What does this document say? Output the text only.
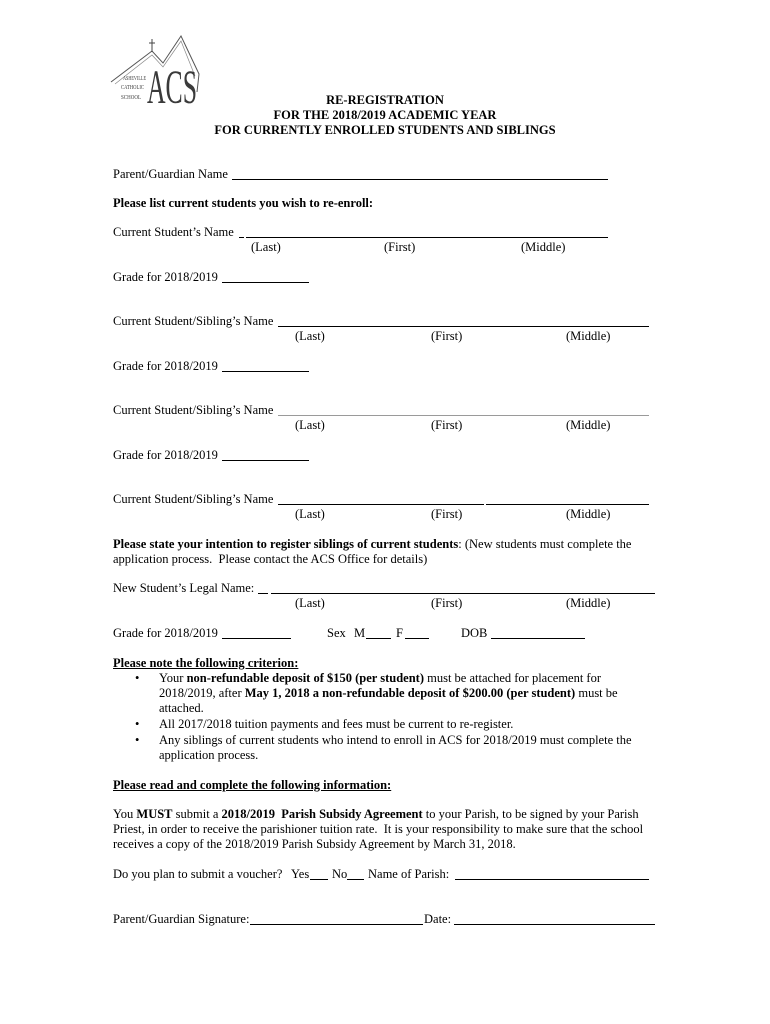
ASHEVILLE
CATHOLIC
SCHOOL ACS	RE-REGISTRATION
FOR THE 2018/2019 ACADEMIC YEAR
FOR CURRENTLY ENROLLED STUDENTS AND SIBLINGS
Parent/Guardian Name
Please list current students you wish to re-enroll:
Current Student’s Name
(Last)	(First)	(Middle)
Grade for 2018/2019
Current Student/Sibling’s Name
(Last)	(First)	(Middle)
Grade for 2018/2019
Current Student/Sibling’s Name
(Last)	(First)	(Middle)
Grade for 2018/2019
Current Student/Sibling’s Name
(Last)	(First)	(Middle)
Please state your intention to register siblings of current students: (New students must complete the
application process.  Please contact the ACS Office for details)
New Student’s Legal Name:
(Last)	(First)	(Middle)
Grade for 2018/2019	Sex M F	DOB
Please note the following criterion:
• Your non-refundable deposit of $150 (per student) must be attached for placement for
2018/2019, after May 1, 2018 a non-refundable deposit of $200.00 (per student) must be
attached.
• All 2017/2018 tuition payments and fees must be current to re-register.
• Any siblings of current students who intend to enroll in ACS for 2018/2019 must complete the
application process.
Please read and complete the following information:
You MUST submit a 2018/2019  Parish Subsidy Agreement to your Parish, to be signed by your Parish
Priest, in order to receive the parishioner tuition rate.  It is your responsibility to make sure that the school
receives a copy of the 2018/2019 Parish Subsidy Agreement by March 31, 2018.
Do you plan to submit a voucher? Yes No Name of Parish:
Parent/Guardian Signature:	Date:
